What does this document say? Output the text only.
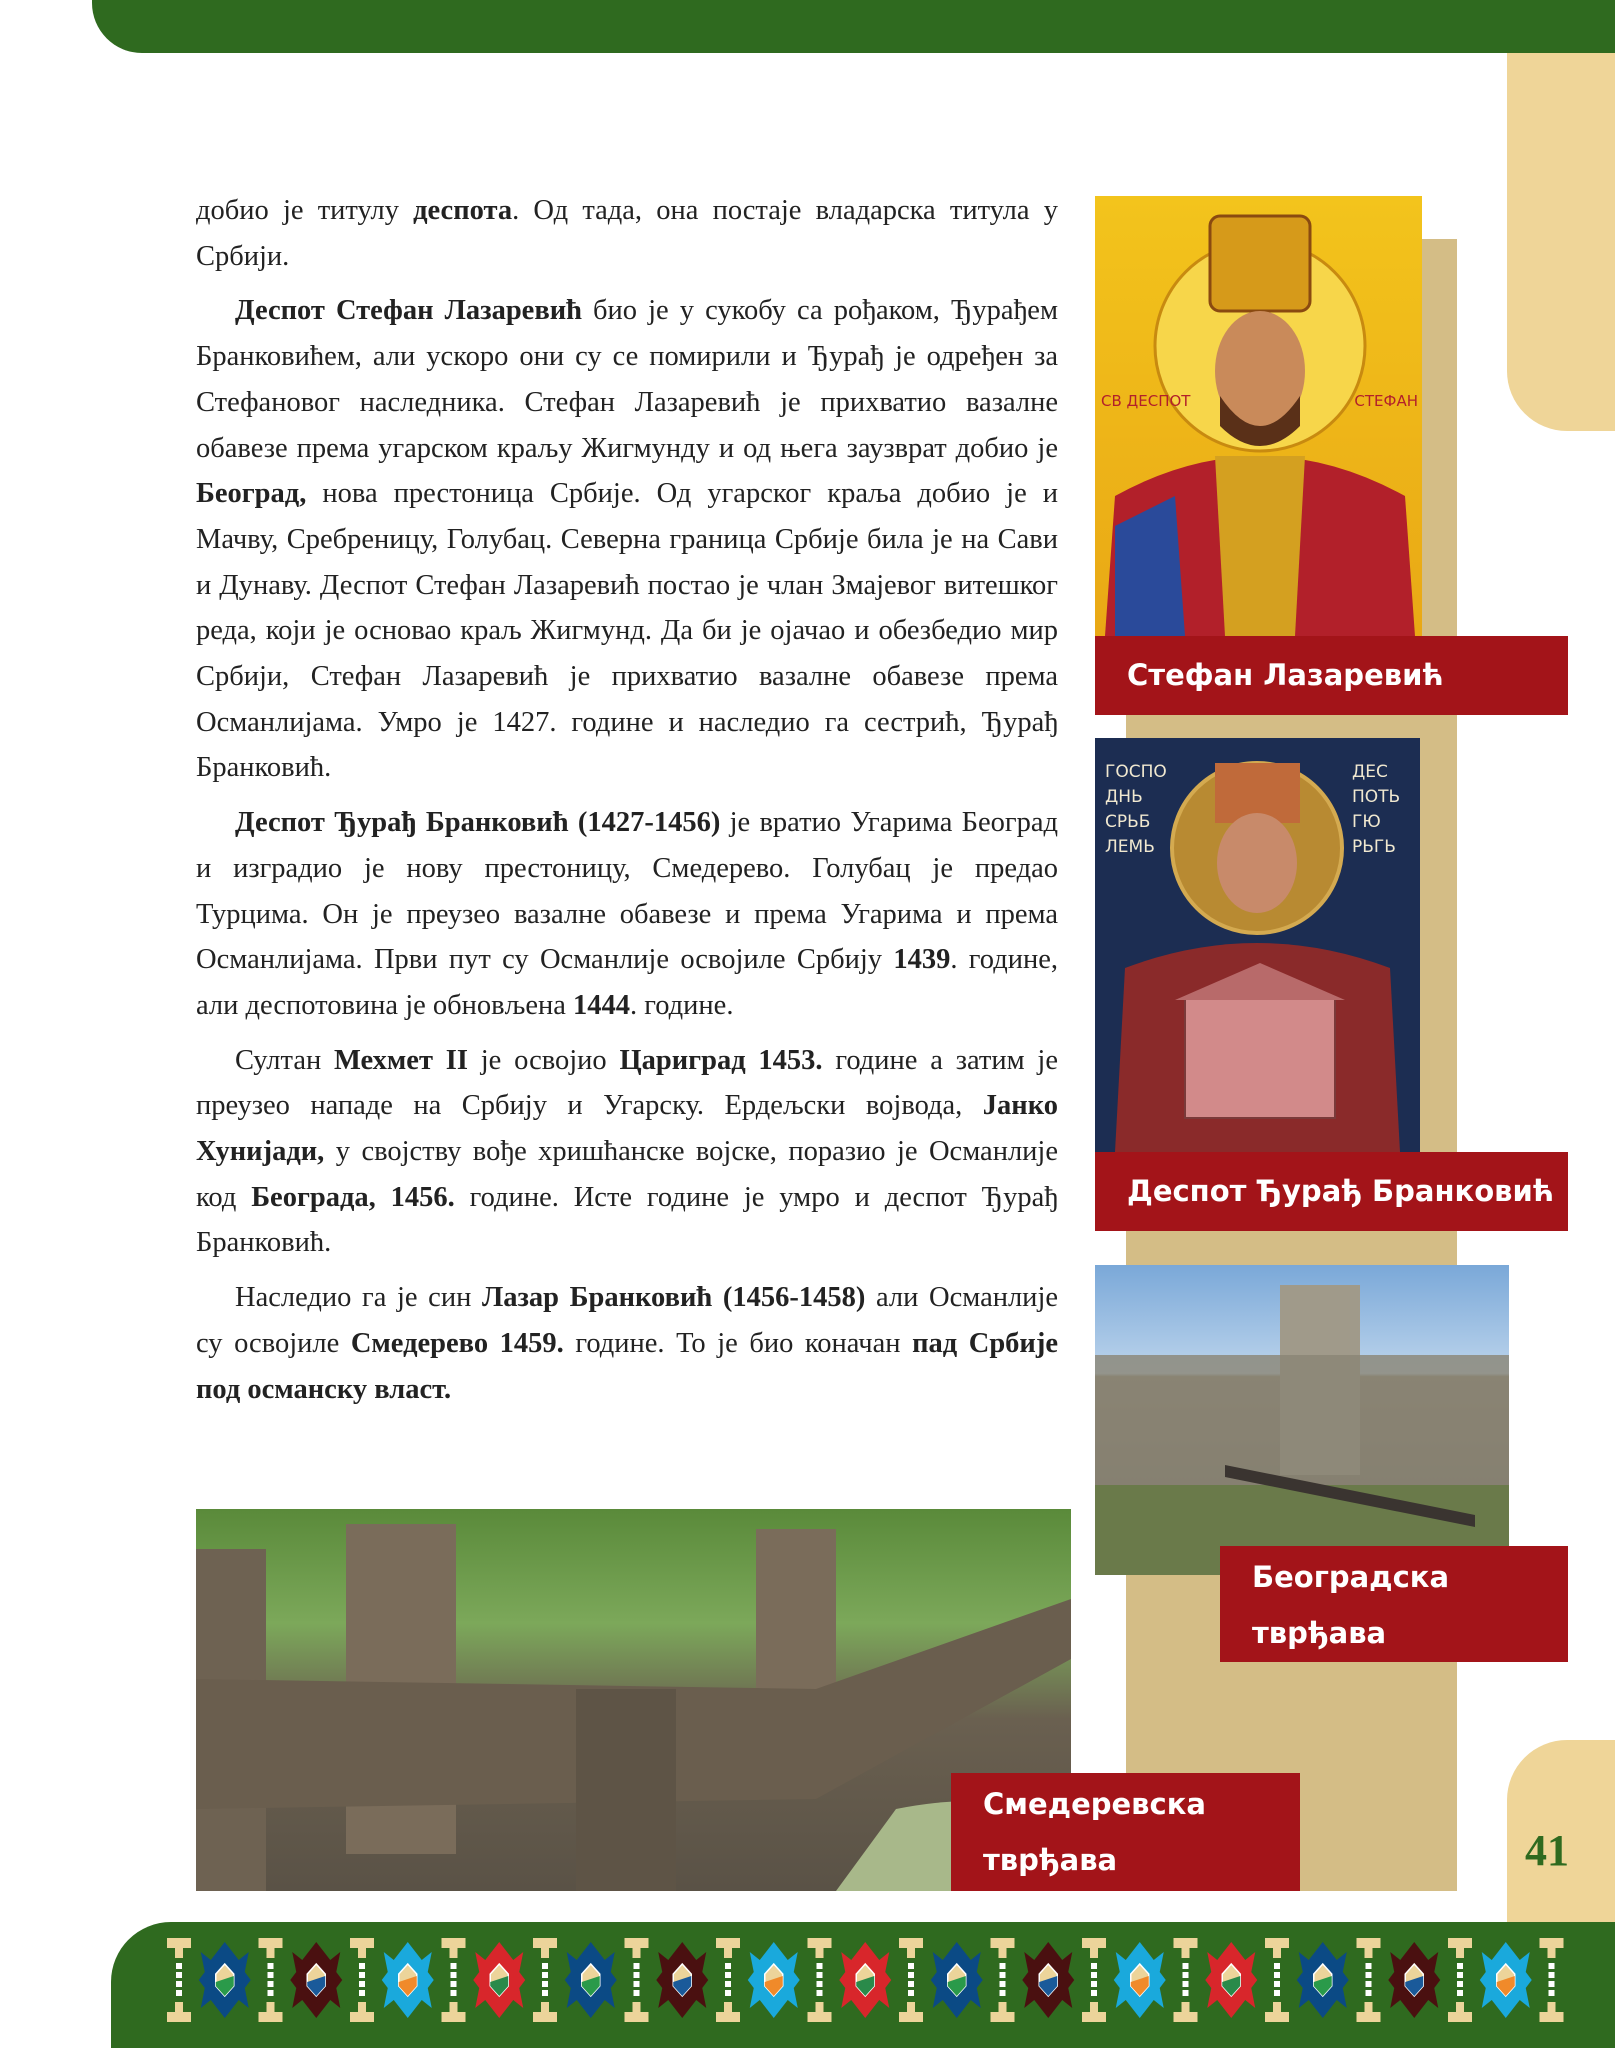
добио је титулу деспота. Од тада, она постаје владарска титула у Србији.

Деспот Стефан Лазаревић био је у сукобу са рођаком, Ђурађем Бранковићем, али ускоро они су се помирили и Ђурађ је одређен за Стефановог наследника. Стефан Лазаревић је прихватио вазалне обавезе према угарском краљу Жигмунду и од њега заузврат добио је Београд, нова престоница Србије. Од угарског краља добио је и Мачву, Сребреницу, Голубац. Северна граница Србије била је на Сави и Дунаву. Деспот Стефан Лазаревић постао је члан Змајевог витешког реда, који је основао краљ Жигмунд. Да би је ојачао и обезбедио мир Србији, Стефан Лазаревић је прихватио вазалне обавезе према Османлијама. Умро је 1427. године и наследио га сестрић, Ђурађ Бранковић.

Деспот Ђурађ Бранковић (1427-1456) је вратио Угарима Београд и изградио је нову престоницу, Смедерево. Голубац је предао Турцима. Он је преузео вазалне обавезе и према Угарима и према Османлијама. Први пут су Османлије освојиле Србију 1439. године, али деспотовина је обновљена 1444. године.

Султан Мехмет II је освојио Цариград 1453. године а затим је преузео нападе на Србију и Угарску. Ердељски војвода, Јанко Хунијади, у својству вође хришћанске војске, поразио је Османлије код Београда, 1456. године. Исте године је умро и деспот Ђурађ Бранковић.

Наследио га је син Лазар Бранковић (1456-1458) али Османлије су освојиле Смедерево 1459. године. То је био коначан пад Србије под османску власт.

СВ ДЕСПОТ	СТЕФАН
Стефан Лазаревић
ГОСПО ДНЬ СРЬБ ЛЕМЬ
ДЕС ПОТЬ ГЮ РЬГЬ
Деспот Ђурађ Бранковић
Београдска
тврђава
Смедеревска
тврђава	41
